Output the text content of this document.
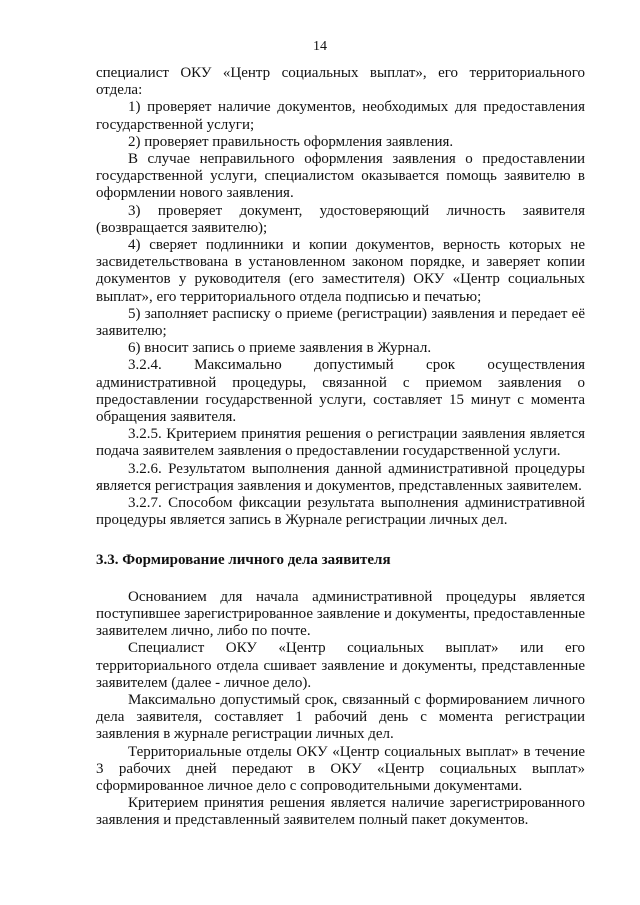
14

специалист ОКУ «Центр социальных выплат», его территориального отдела:

1) проверяет наличие документов, необходимых для предоставления государственной услуги;

2) проверяет правильность оформления заявления.

В случае неправильного оформления заявления о предоставлении государственной услуги, специалистом оказывается помощь заявителю в оформлении нового заявления.

3) проверяет документ, удостоверяющий личность заявителя (возвращается заявителю);

4) сверяет подлинники и копии документов, верность которых не засвидетельствована в установленном законом порядке, и заверяет копии документов у руководителя (его заместителя) ОКУ «Центр социальных выплат», его территориального отдела подписью и печатью;

5) заполняет расписку о приеме (регистрации) заявления и передает её заявителю;

6) вносит запись о приеме заявления в Журнал.

3.2.4. Максимально допустимый срок осуществления административной процедуры, связанной с приемом заявления о предоставлении государственной услуги, составляет 15 минут с момента обращения заявителя.

3.2.5. Критерием принятия решения о регистрации заявления является подача заявителем заявления о предоставлении государственной услуги.

3.2.6. Результатом выполнения данной административной процедуры является регистрация заявления и документов, представленных заявителем.

3.2.7. Способом фиксации результата выполнения административной процедуры является запись в Журнале регистрации личных дел.

3.3. Формирование личного дела заявителя

Основанием для начала административной процедуры является поступившее зарегистрированное заявление и документы, предоставленные заявителем лично, либо по почте.

Специалист ОКУ «Центр социальных выплат» или его территориального отдела сшивает заявление и документы, представленные заявителем (далее - личное дело).

Максимально допустимый срок, связанный с формированием личного дела заявителя, составляет 1 рабочий день с момента регистрации заявления в журнале регистрации личных дел.

Территориальные отделы ОКУ «Центр социальных выплат» в течение 3 рабочих дней передают в ОКУ «Центр социальных выплат» сформированное личное дело с сопроводительными документами.

Критерием принятия решения является наличие зарегистрированного заявления и представленный заявителем полный пакет документов.
